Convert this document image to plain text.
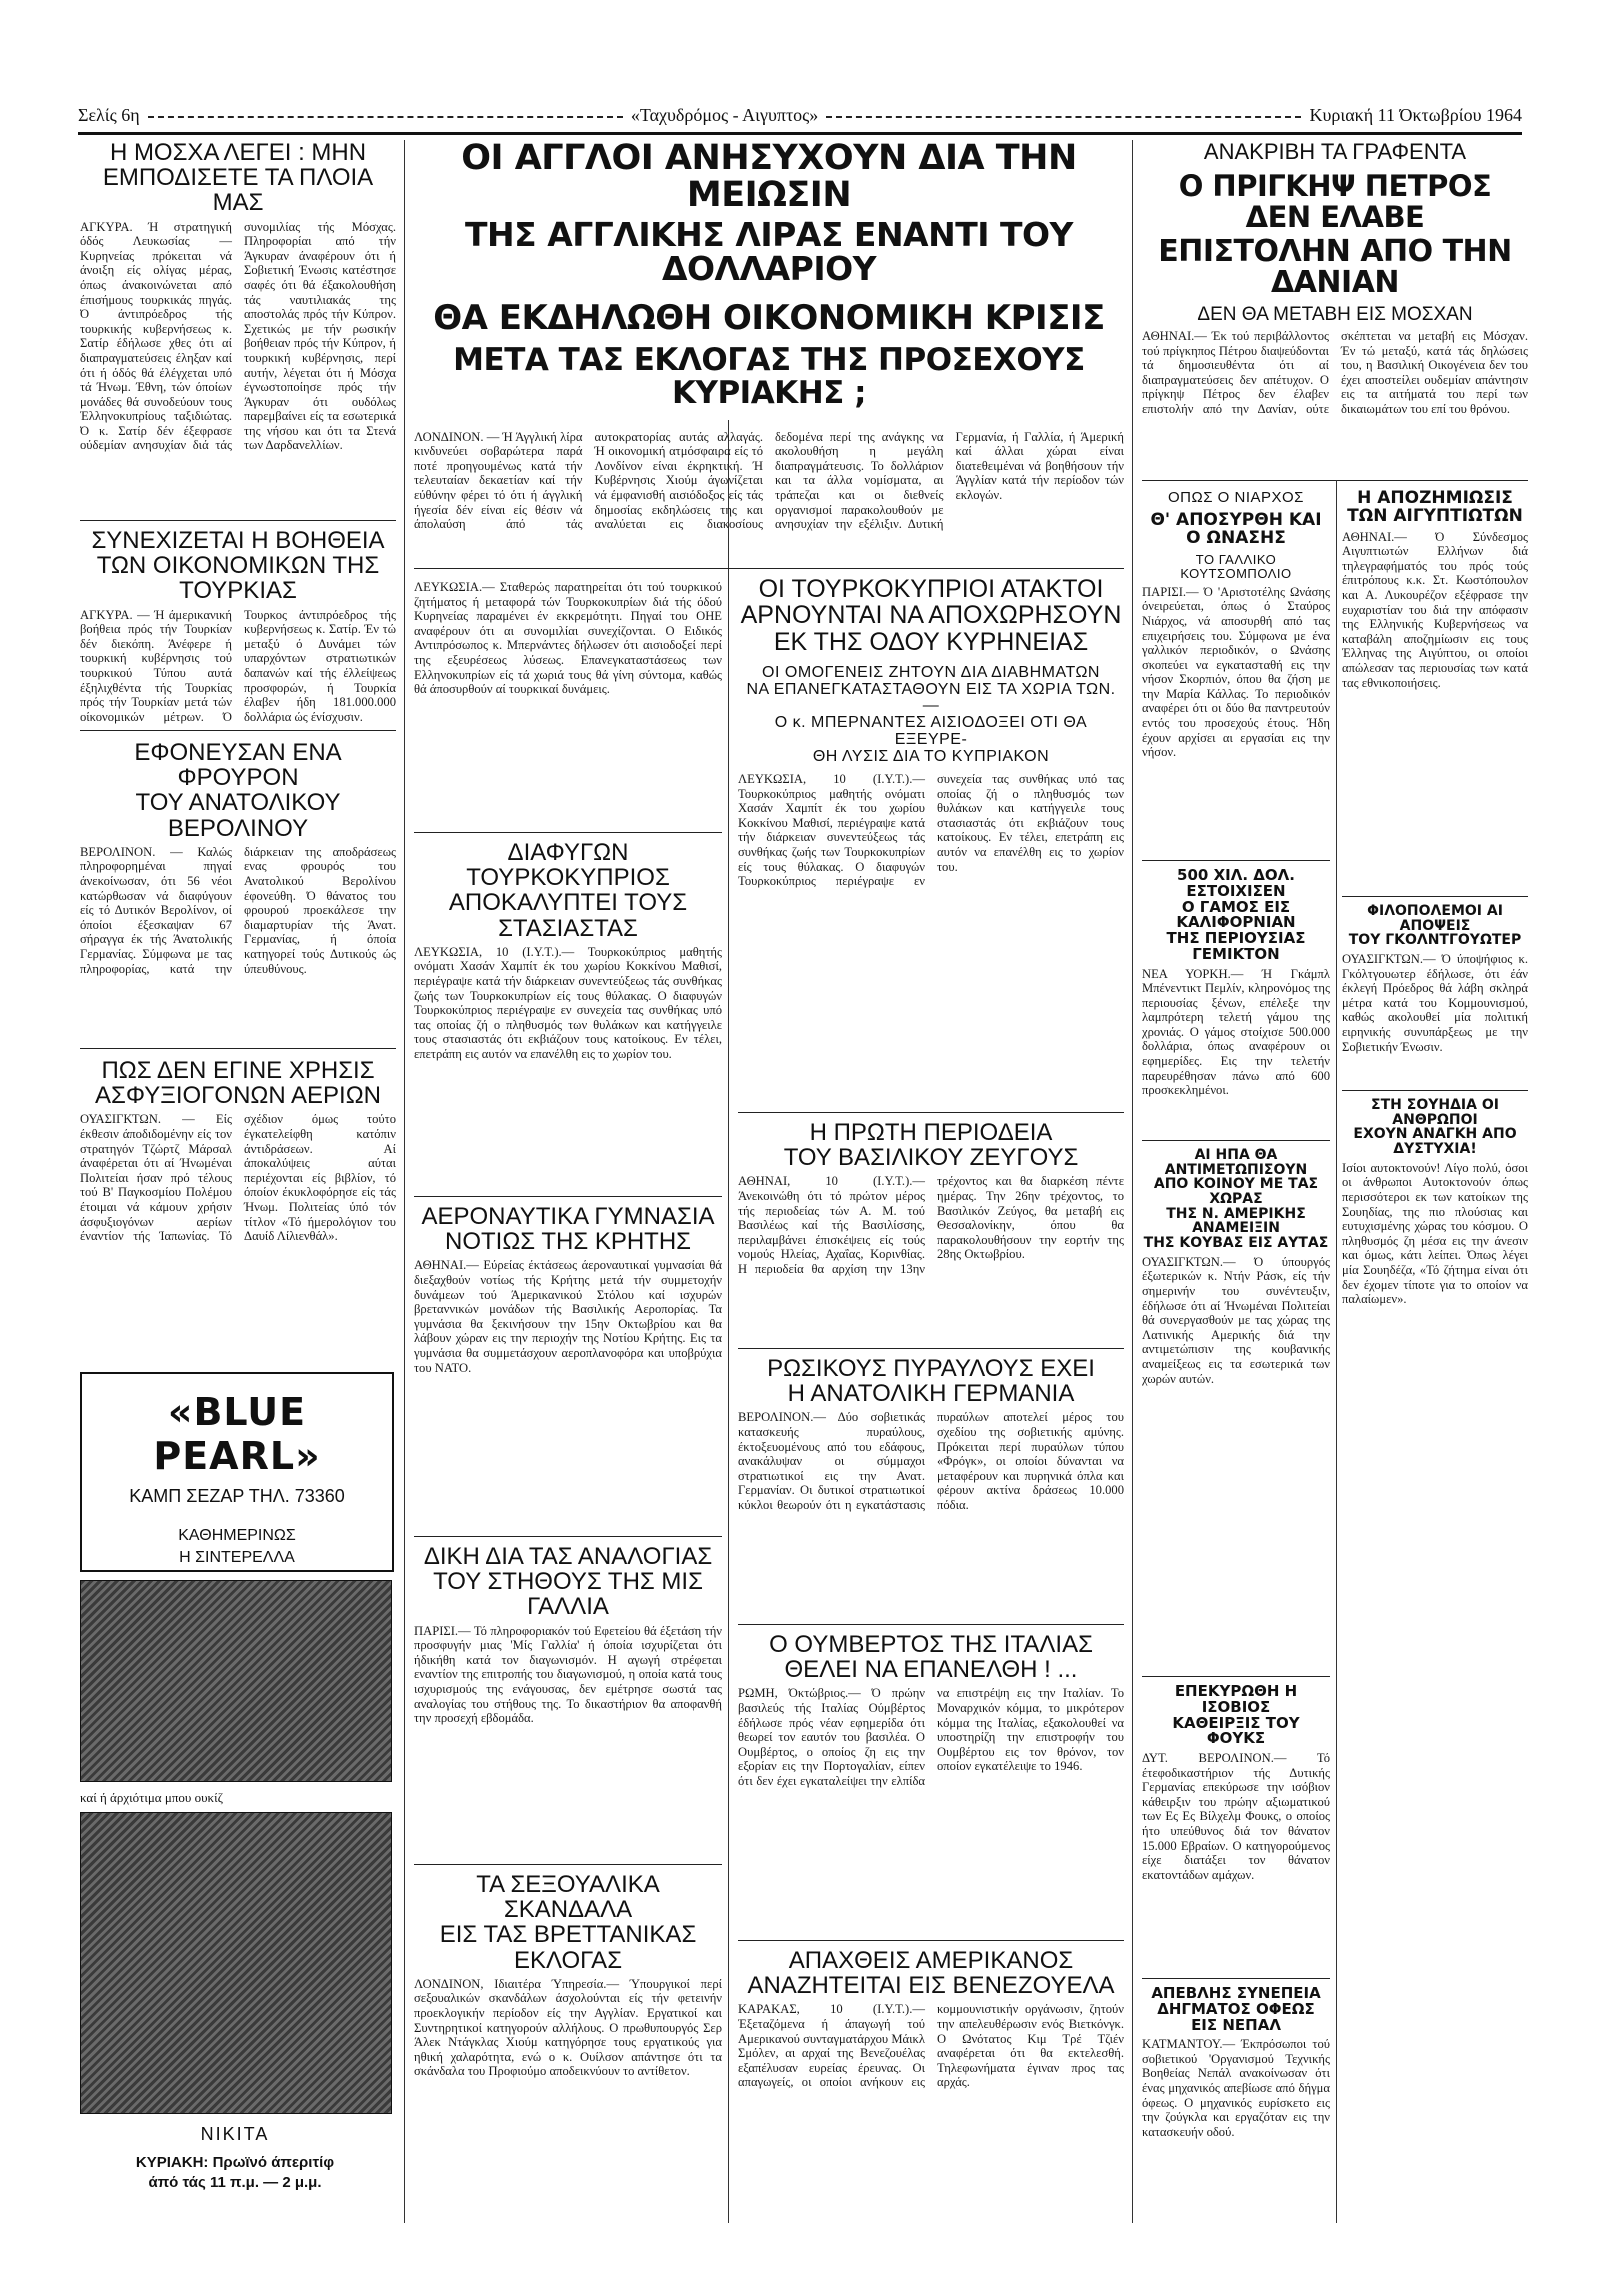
Σελίς 6η	«Ταχυδρόμος - Αιγυπτος»	Κυριακή 11 Όκτωβρίου 1964

Η ΜΟΣΧΑ ΛΕΓΕΙ : ΜΗΝ

ΕΜΠΟΔΙΣΕΤΕ ΤΑ ΠΛΟΙΑ ΜΑΣ

ΑΓΚΥΡΑ. Ή στρατηγική όδός Λευκωσίας — Κυρηνείας πρόκειται νά άνοιξη είς ολίγας μέρας, όπως άνακοινώνεται από έπισήμους τουρκικάς πηγάς. Ό άντιπρόεδρος τής τουρκικής κυβερνήσεως κ. Σατίρ έδήλωσε χθες ότι αί διαπραγματεύσεις έληξαν καί ότι ή όδός θά έλέγχεται υπό τά Ήνωμ. Έθνη, τών όποίων μονάδες θά συνοδεύουν τους Έλληνοκυπρίους ταξιδιώτας. Ό κ. Σατίρ δέν έξεφρασε ούδεμίαν ανησυχίαν διά τάς συνομιλίας τής Μόσχας. Πληροφορίαι από τήν Άγκυραν άναφέρουν ότι ή Σοβιετική Ένωσις κατέστησε σαφές ότι θά έξακολουθήση τάς ναυτιλιακάς της αποστολάς πρός τήν Κύπρον. Σχετικώς με τήν ρωσικήν βοήθειαν πρός τήν Κύπρον, ή τουρκική κυβέρνησις, περί αυτήν, λέγεται ότι ή Μόσχα έγνωστοποίησε πρός τήν Άγκυραν ότι ουδόλως παρεμβαίνει είς τα εσωτερικά της νήσου και ότι τα Στενά των Δαρδανελλίων.

ΣΥΝΕΧΙΖΕΤΑΙ Η ΒΟΗΘΕΙΑ

ΤΩΝ ΟΙΚΟΝΟΜΙΚΩΝ ΤΗΣ ΤΟΥΡΚΙΑΣ

ΑΓΚΥΡΑ. — Ή άμερικανική βοήθεια πρός τήν Τουρκίαν δέν διεκόπη. Άνέφερε ή τουρκική κυβέρνησις τού τουρκικού Τύπου αυτά έξηλιχθέντα τής Τουρκίας πρός τήν Τουρκίαν μετά τών οίκονομικών μέτρων. Ό Τουρκος άντιπρόεδρος τής κυβερνήσεως κ. Σατίρ. Έν τώ μεταξύ ό Δυνάμει τών υπαρχόντων στρατιωτικών δαπανών καί τής έλλείψεως προσφορών, ή Τουρκία έλαβεν ήδη 181.000.000 δολλάρια ώς ένίσχυσιν.

ΕΦΟΝΕΥΣΑΝ ΕΝΑ ΦΡΟΥΡΟΝ

ΤΟΥ ΑΝΑΤΟΛΙΚΟΥ ΒΕΡΟΛΙΝΟΥ

ΒΕΡΟΛΙΝΟΝ. — Καλώς πληροφορημέναι πηγαί άνεκοίνωσαν, ότι 56 νέοι κατώρθωσαν νά διαφύγουν είς τό Δυτικόν Βερολίνον, οί όποίοι έξεσκαψαν 67 σήραγγα έκ τής Άνατολικής Γερμανίας. Σύμφωνα με τας πληροφορίας, κατά την διάρκειαν της αποδράσεως ενας φρουρός του Ανατολικού Βερολίνου έφονεύθη. Ό θάνατος του φρουρού προεκάλεσε την διαμαρτυρίαν τής Άνατ. Γερμανίας, ή όποία κατηγορεί τούς Δυτικούς ώς ύπευθύνους.

ΠΩΣ ΔΕΝ ΕΓΙΝΕ ΧΡΗΣΙΣ

ΑΣΦΥΞΙΟΓΟΝΩΝ ΑΕΡΙΩΝ

ΟΥΑΣΙΓΚΤΩΝ. — Είς έκθεσιν άποδιδομένην είς τον στρατηγόν Τζώρτζ Μάρσαλ άναφέρεται ότι αί Ήνωμέναι Πολιτείαι ήσαν πρό τέλους τού Β' Παγκοσμίου Πολέμου έτοιμαι νά κάμουν χρήσιν άσφυξιογόνων αερίων έναντίον τής Ίαπωνίας. Τό σχέδιον όμως τούτο έγκατελείφθη κατόπιν άντιδράσεων. Αί άποκαλύψεις αύται περιέχονται είς βιβλίον, τό όποίον έκυκλοφόρησε είς τάς Ήνωμ. Πολιτείας ύπό τόν τίτλον «Τό ήμερολόγιον του Δαυίδ Λίλιενθάλ».

«BLUE PEARL»
ΚΑΜΠ ΣΕΖΑΡ ΤΗΛ. 73360
ΚΑΘΗΜΕΡΙΝΩΣ
Η ΣΙΝΤΕΡΕΛΛΑ
καί ή άρχιότιμα μπου ουκίζ
ΝΙΚΙΤΑ
ΚΥΡΙΑΚΗ: Πρωϊνό άπεριτίφ
άπό τάς 11 π.μ. — 2 μ.μ.

ΟΙ ΑΓΓΛΟΙ ΑΝΗΣΥΧΟΥΝ ΔΙΑ ΤΗΝ ΜΕΙΩΣΙΝ

ΤΗΣ ΑΓΓΛΙΚΗΣ ΛΙΡΑΣ ΕΝΑΝΤΙ ΤΟΥ ΔΟΛΛΑΡΙΟΥ

ΘΑ ΕΚΔΗΛΩΘΗ ΟΙΚΟΝΟΜΙΚΗ ΚΡΙΣΙΣ

ΜΕΤΑ ΤΑΣ ΕΚΛΟΓΑΣ ΤΗΣ ΠΡΟΣΕΧΟΥΣ ΚΥΡΙΑΚΗΣ ;

ΛΟΝΔΙΝΟΝ. — Ή Άγγλική λίρα κινδυνεύει σοβαρώτερα παρά ποτέ προηγουμένως κατά τήν τελευταίαν δεκαετίαν καί τήν εύθύνην φέρει τό ότι ή άγγλική ήγεσία δέν είναι είς θέσιν νά άπολαύση άπό τάς αυτοκρατορίας αυτάς αλλαγάς. Ή οικονομική ατμόσφαιρα είς τό Λονδίνον είναι έκρηκτική. Ή Κυβέρνησις Χιούμ άγωνίζεται νά έμφανισθή αισιόδοξος είς τάς δημοσίας εκδηλώσεις της και αναλύεται εις διακοσίους δεδομένα περί της ανάγκης να ακολουθήση η μεγάλη διαπραγμάτευσις. Το δολλάριον και τα άλλα νομίσματα, αι τράπεζαι και οι διεθνείς οργανισμοί παρακολουθούν με ανησυχίαν την εξέλιξιν. Δυτική Γερμανία, ή Γαλλία, ή Άμερική καί άλλαι χώραι είναι διατεθειμέναι νά βοηθήσουν τήν Άγγλίαν κατά τήν περίοδον τών εκλογών.

ΛΕΥΚΩΣΙΑ.— Σταθερώς παρατηρείται ότι τού τουρκικού ζητήματος ή μεταφορά τών Τουρκοκυπρίων διά τής όδού Κυρηνείας παραμένει έν εκκρεμότητι. Πηγαί του ΟΗΕ αναφέρουν ότι αι συνομιλίαι συνεχίζονται. Ο Ειδικός Αντιπρόσωπος κ. Μπερνάντες δήλωσεν ότι αισιοδοξεί περί της εξευρέσεως λύσεως. Επανεγκαταστάσεως των Ελληνοκυπρίων είς τά χωριά τους θά γίνη σύντομα, καθώς θά άποσυρθούν αί τουρκικαί δυνάμεις.

ΟΙ ΤΟΥΡΚΟΚΥΠΡΙΟΙ ΑΤΑΚΤΟΙ

ΑΡΝΟΥΝΤΑΙ ΝΑ ΑΠΟΧΩΡΗΣΟΥΝ

ΕΚ ΤΗΣ ΟΔΟΥ ΚΥΡΗΝΕΙΑΣ

ΟΙ ΟΜΟΓΕΝΕΙΣ ΖΗΤΟΥΝ ΔΙΑ ΔΙΑΒΗΜΑΤΩΝ

ΝΑ ΕΠΑΝΕΓΚΑΤΑΣΤΑΘΟΥΝ ΕΙΣ ΤΑ ΧΩΡΙΑ ΤΩΝ. —

Ο κ. ΜΠΕΡΝΑΝΤΕΣ ΑΙΣΙΟΔΟΞΕΙ ΟΤΙ ΘΑ ΕΞΕΥΡΕ-

ΘΗ ΛΥΣΙΣ ΔΙΑ ΤΟ ΚΥΠΡΙΑΚΟΝ

ΔΙΑΦΥΓΩΝ ΤΟΥΡΚΟΚΥΠΡΙΟΣ

ΑΠΟΚΑΛΥΠΤΕΙ ΤΟΥΣ ΣΤΑΣΙΑΣΤΑΣ

ΛΕΥΚΩΣΙΑ, 10 (Ι.Υ.Τ.).— Τουρκοκύπριος μαθητής ονόματι Χασάν Χαμπίτ έκ του χωρίου Κοκκίνου Μαθισί, περιέγραψε κατά τήν διάρκειαν συνεντεύξεως τάς συνθήκας ζωής των Τουρκοκυπρίων είς τους θύλακας. Ο διαφυγών Τουρκοκύπριος περιέγραψε εν συνεχεία τας συνθήκας υπό τας οποίας ζή ο πληθυσμός των θυλάκων και κατήγγειλε τους στασιαστάς ότι εκβιάζουν τους κατοίκους. Εν τέλει, επετράπη εις αυτόν να επανέλθη εις το χωρίον του.

ΛΕΥΚΩΣΙΑ, 10 (Ι.Υ.Τ.).— Τουρκοκύπριος μαθητής ονόματι Χασάν Χαμπίτ έκ του χωρίου Κοκκίνου Μαθισί, περιέγραψε κατά τήν διάρκειαν συνεντεύξεως τάς συνθήκας ζωής των Τουρκοκυπρίων είς τους θύλακας. Ο διαφυγών Τουρκοκύπριος περιέγραψε εν συνεχεία τας συνθήκας υπό τας οποίας ζή ο πληθυσμός των θυλάκων και κατήγγειλε τους στασιαστάς ότι εκβιάζουν τους κατοίκους. Εν τέλει, επετράπη εις αυτόν να επανέλθη εις το χωρίον του.

Η ΠΡΩΤΗ ΠΕΡΙΟΔΕΙΑ

ΤΟΥ ΒΑΣΙΛΙΚΟΥ ΖΕΥΓΟΥΣ

ΑΘΗΝΑΙ, 10 (Ι.Υ.Τ.).— Άνεκοινώθη ότι τό πρώτον μέρος τής περιοδείας τών Α. Μ. τού Βασιλέως καί τής Βασιλίσσης, περιλαμβάνει έπισκέψεις είς τούς νομούς Ηλείας, Αχαΐας, Κορινθίας. Η περιοδεία θα αρχίση την 13ην τρέχοντος και θα διαρκέση πέντε ημέρας. Την 26ην τρέχοντος, το Βασιλικόν Ζεύγος, θα μεταβή εις Θεσσαλονίκην, όπου θα παρακολουθήσουν την εορτήν της 28ης Οκτωβρίου.

ΡΩΣΙΚΟΥΣ ΠΥΡΑΥΛΟΥΣ ΕΧΕΙ

Η ΑΝΑΤΟΛΙΚΗ ΓΕΡΜΑΝΙΑ

ΒΕΡΟΛΙΝΟΝ.— Δύο σοβιετικάς κατασκευής πυραύλους, έκτοξευομένους από του εδάφους, ανακάλυψαν οι σύμμαχοι στρατιωτικοί εις την Ανατ. Γερμανίαν. Οι δυτικοί στρατιωτικοί κύκλοι θεωρούν ότι η εγκατάστασις πυραύλων αποτελεί μέρος του σχεδίου της σοβιετικής αμύνης. Πρόκειται περί πυραύλων τύπου «Φρόγκ», οι οποίοι δύνανται να μεταφέρουν και πυρηνικά όπλα και φέρουν ακτίνα δράσεως 10.000 πόδια.

Ο ΟΥΜΒΕΡΤΟΣ ΤΗΣ ΙΤΑΛΙΑΣ

ΘΕΛΕΙ ΝΑ ΕΠΑΝΕΛΘΗ ! ...

ΡΩΜΗ, Όκτώβριος.— Ό πρώην βασιλεύς τής Ιταλίας Ούμβέρτος έδήλωσε πρός νέαν εφημερίδα ότι θεωρεί τον εαυτόν του βασιλέα. Ο Ουμβέρτος, ο οποίος ζη εις την εξορίαν εις την Πορτογαλίαν, είπεν ότι δεν έχει εγκαταλείψει την ελπίδα να επιστρέψη εις την Ιταλίαν. Το Μοναρχικόν κόμμα, το μικρότερον κόμμα της Ιταλίας, εξακολουθεί να υποστηρίζη την επιστροφήν του Ουμβέρτου εις τον θρόνον, τον οποίον εγκατέλειψε το 1946.

ΑΠΑΧΘΕΙΣ ΑΜΕΡΙΚΑΝΟΣ

ΑΝΑΖΗΤΕΙΤΑΙ ΕΙΣ ΒΕΝΕΖΟΥΕΛΑ

ΚΑΡΑΚΑΣ, 10 (Ι.Υ.Τ.).— Έξεταζόμενα ή άπαγωγή τού Αμερικανού συνταγματάρχου Μάικλ Σμόλεν, αι αρχαί της Βενεζουέλας εξαπέλυσαν ευρείας έρευνας. Οι απαγωγείς, οι οποίοι ανήκουν εις κομμουνιστικήν οργάνωσιν, ζητούν την απελευθέρωσιν ενός Βιετκόνγκ. Ο Ωνότατος Κιμ Τρέ Τζιέν αναφέρεται ότι θα εκτελεσθή. Τηλεφωνήματα έγιναν προς τας αρχάς.

ΑΕΡΟΝΑΥΤΙΚΑ ΓΥΜΝΑΣΙΑ

ΝΟΤΙΩΣ ΤΗΣ ΚΡΗΤΗΣ

ΑΘΗΝΑΙ.— Εύρείας έκτάσεως άεροναυτικαί γυμνασίαι θά διεξαχθούν νοτίως τής Κρήτης μετά τήν συμμετοχήν δυνάμεων τού Άμερικανικού Στόλου καί ισχυρών βρεταννικών μονάδων τής Βασιλικής Αεροπορίας. Τα γυμνάσια θα ξεκινήσουν την 15ην Οκτωβρίου και θα λάβουν χώραν εις την περιοχήν της Νοτίου Κρήτης. Εις τα γυμνάσια θα συμμετάσχουν αεροπλανοφόρα και υποβρύχια του ΝΑΤΟ.

ΔΙΚΗ ΔΙΑ ΤΑΣ ΑΝΑΛΟΓΙΑΣ

ΤΟΥ ΣΤΗΘΟΥΣ ΤΗΣ ΜΙΣ ΓΑΛΛΙΑ

ΠΑΡΙΣΙ.— Τό πληροφοριακόν τού Εφετείου θά έξετάση τήν προσφυγήν μιας 'Μίς Γαλλία' ή όποία ισχυρίζεται ότι ήδικήθη κατά τον διαγωνισμόν. Η αγωγή στρέφεται εναντίον της επιτροπής του διαγωνισμού, η οποία κατά τους ισχυρισμούς της ενάγουσας, δεν εμέτρησε σωστά τας αναλογίας του στήθους της. Το δικαστήριον θα αποφανθή την προσεχή εβδομάδα.

ΤΑ ΣΕΞΟΥΑΛΙΚΑ ΣΚΑΝΔΑΛΑ

ΕΙΣ ΤΑΣ ΒΡΕΤΤΑΝΙΚΑΣ ΕΚΛΟΓΑΣ

ΛΟΝΔΙΝΟΝ, Ιδιαιτέρα Ύπηρεσία.— Ύπουργικοί περί σεξουαλικών σκανδάλων άσχολούνται είς τήν φετεινήν προεκλογικήν περίοδον είς την Αγγλίαν. Εργατικοί και Συντηρητικοί κατηγορούν αλλήλους. Ο πρωθυπουργός Σερ Άλεκ Ντάγκλας Χιούμ κατηγόρησε τους εργατικούς για ηθική χαλαρότητα, ενώ ο κ. Ουίλσον απάντησε ότι τα σκάνδαλα του Προφιούμο αποδεικνύουν το αντίθετον.

ΑΝΑΚΡΙΒΗ ΤΑ ΓΡΑΦΕΝΤΑ

Ο ΠΡΙΓΚΗΨ ΠΕΤΡΟΣ ΔΕΝ ΕΛΑΒΕ

ΕΠΙΣΤΟΛΗΝ ΑΠΟ ΤΗΝ ΔΑΝΙΑΝ

ΔΕΝ ΘΑ ΜΕΤΑΒΗ ΕΙΣ ΜΟΣΧΑΝ

ΑΘΗΝΑΙ.— Έκ τού περιβάλλοντος τού πρίγκηπος Πέτρου διαψεύδονται τά δημοσιευθέντα ότι αί διαπραγματεύσεις δεν απέτυχον. Ο πρίγκηψ Πέτρος δεν έλαβεν επιστολήν από την Δανίαν, ούτε σκέπτεται να μεταβή εις Μόσχαν. Έν τώ μεταξύ, κατά τάς δηλώσεις του, η Βασιλική Οικογένεια δεν του έχει αποστείλει ουδεμίαν απάντησιν εις τα αιτήματά του περί των δικαιωμάτων του επί του θρόνου.

ΟΠΩΣ Ο ΝΙΑΡΧΟΣ

Θ' ΑΠΟΣΥΡΘΗ ΚΑΙ Ο ΩΝΑΣΗΣ

ΤΟ ΓΑΛΛΙΚΟ ΚΟΥΤΣΟΜΠΟΛΙΟ

ΠΑΡΙΣΙ.— Ό 'Αριστοτέλης Ωνάσης όνειρεύεται, όπως ό Σταύρος Νιάρχος, νά αποσυρθή από τας επιχειρήσεις του. Σύμφωνα με ένα γαλλικόν περιοδικόν, ο Ωνάσης σκοπεύει να εγκατασταθή εις την νήσον Σκορπιόν, όπου θα ζήση με την Μαρία Κάλλας. Το περιοδικόν αναφέρει ότι οι δύο θα παντρευτούν εντός του προσεχούς έτους. Ήδη έχουν αρχίσει αι εργασίαι εις την νήσον.

500 ΧΙΛ. ΔΟΛ. ΕΣΤΟΙΧΙΣΕΝ

Ο ΓΑΜΟΣ ΕΙΣ ΚΑΛΙΦΟΡΝΙΑΝ

ΤΗΣ ΠΕΡΙΟΥΣΙΑΣ ΓΕΜΙΚΤΟΝ

ΝΕΑ ΥΟΡΚΗ.— Ή Γκάμπλ Μπένεντικτ Πεμλίν, κληρονόμος της περιουσίας ξένων, επέλεξε την λαμπρότερη τελετή γάμου της χρονιάς. Ο γάμος στοίχισε 500.000 δολλάρια, όπως αναφέρουν οι εφημερίδες. Εις την τελετήν παρευρέθησαν πάνω από 600 προσκεκλημένοι.

ΑΙ ΗΠΑ ΘΑ ΑΝΤΙΜΕΤΩΠΙΣΟΥΝ

ΑΠΟ ΚΟΙΝΟΥ ΜΕ ΤΑΣ ΧΩΡΑΣ

ΤΗΣ Ν. ΑΜΕΡΙΚΗΣ ΑΝΑΜΕΙΞΙΝ

ΤΗΣ ΚΟΥΒΑΣ ΕΙΣ ΑΥΤΑΣ

ΟΥΑΣΙΓΚΤΩΝ.— Ό ύπουργός έξωτερικών κ. Ντήν Ράσκ, είς τήν σημερινήν του συνέντευξιν, έδήλωσε ότι αί Ήνωμέναι Πολιτείαι θά συνεργασθούν με τας χώρας της Λατινικής Αμερικής διά την αντιμετώπισιν της κουβανικής αναμείξεως εις τα εσωτερικά των χωρών αυτών.

ΕΠΕΚΥΡΩΘΗ Η ΙΣΟΒΙΟΣ

ΚΑΘΕΙΡΞΙΣ ΤΟΥ ΦΟΥΚΣ

ΔΥΤ. ΒΕΡΟΛΙΝΟΝ.— Τό έτεφοδικαστήριον τής Δυτικής Γερμανίας επεκύρωσε την ισόβιον κάθειρξιν του πρώην αξιωματικού των Ες Ες Βίλχελμ Φουκς, ο οποίος ήτο υπεύθυνος διά τον θάνατον 15.000 Εβραίων. Ο κατηγορούμενος είχε διατάξει τον θάνατον εκατοντάδων αμάχων.

ΑΠΕΒΛΗΣ ΣΥΝΕΠΕΙΑ

ΔΗΓΜΑΤΟΣ ΟΦΕΩΣ ΕΙΣ ΝΕΠΑΛ

ΚΑΤΜΑΝΤΟΥ.— Έκπρόσωποι τού σοβιετικού 'Οργανισμού Τεχνικής Βοηθείας Νεπάλ ανακοίνωσαν ότι ένας μηχανικός απεβίωσε από δήγμα όφεως. Ο μηχανικός ευρίσκετο εις την ζούγκλα και εργαζόταν εις την κατασκευήν οδού.

Η ΑΠΟΖΗΜΙΩΣΙΣ

ΤΩΝ ΑΙΓΥΠΤΙΩΤΩΝ

ΑΘΗΝΑΙ.— Ό Σύνδεσμος Αιγυπτιωτών Ελλήνων διά τηλεγραφήματός του πρός τούς έπιτρόπους κ.κ. Στ. Κωστόπουλον και Α. Λυκουρέζον εξέφρασε την ευχαριστίαν του διά την απόφασιν της Ελληνικής Κυβερνήσεως να καταβάλη αποζημίωσιν εις τους Έλληνας της Αιγύπτου, οι οποίοι απώλεσαν τας περιουσίας των κατά τας εθνικοποιήσεις.

ΦΙΛΟΠΟΛΕΜΟΙ ΑΙ ΑΠΟΨΕΙΣ

ΤΟΥ ΓΚΟΛΝΤΓΟΥΩΤΕΡ

ΟΥΑΣΙΓΚΤΩΝ.— Ό ύποψήφιος κ. Γκόλτγουωτερ έδήλωσε, ότι έάν έκλεγή Πρόεδρος θά λάβη σκληρά μέτρα κατά του Κομμουνισμού, καθώς ακολουθεί μία πολιτική ειρηνικής συνυπάρξεως με την Σοβιετικήν Ένωσιν.

ΣΤΗ ΣΟΥΗΔΙΑ ΟΙ ΑΝΘΡΩΠΟΙ

ΕΧΟΥΝ ΑΝΑΓΚΗ ΑΠΟ ΔΥΣΤΥΧΙΑ!

Ισίοι αυτοκτονούν! Λίγο πολύ, όσοι οι άνθρωποι Αυτοκτονούν όπως περισσότεροι εκ των κατοίκων της Σουηδίας, της πιο πλούσιας και ευτυχισμένης χώρας του κόσμου. Ο πληθυσμός ζη μέσα εις την άνεσιν και όμως, κάτι λείπει. Όπως λέγει μία Σουηδέζα, «Τό ζήτημα είναι ότι δεν έχομεν τίποτε για το οποίον να παλαίωμεν».
